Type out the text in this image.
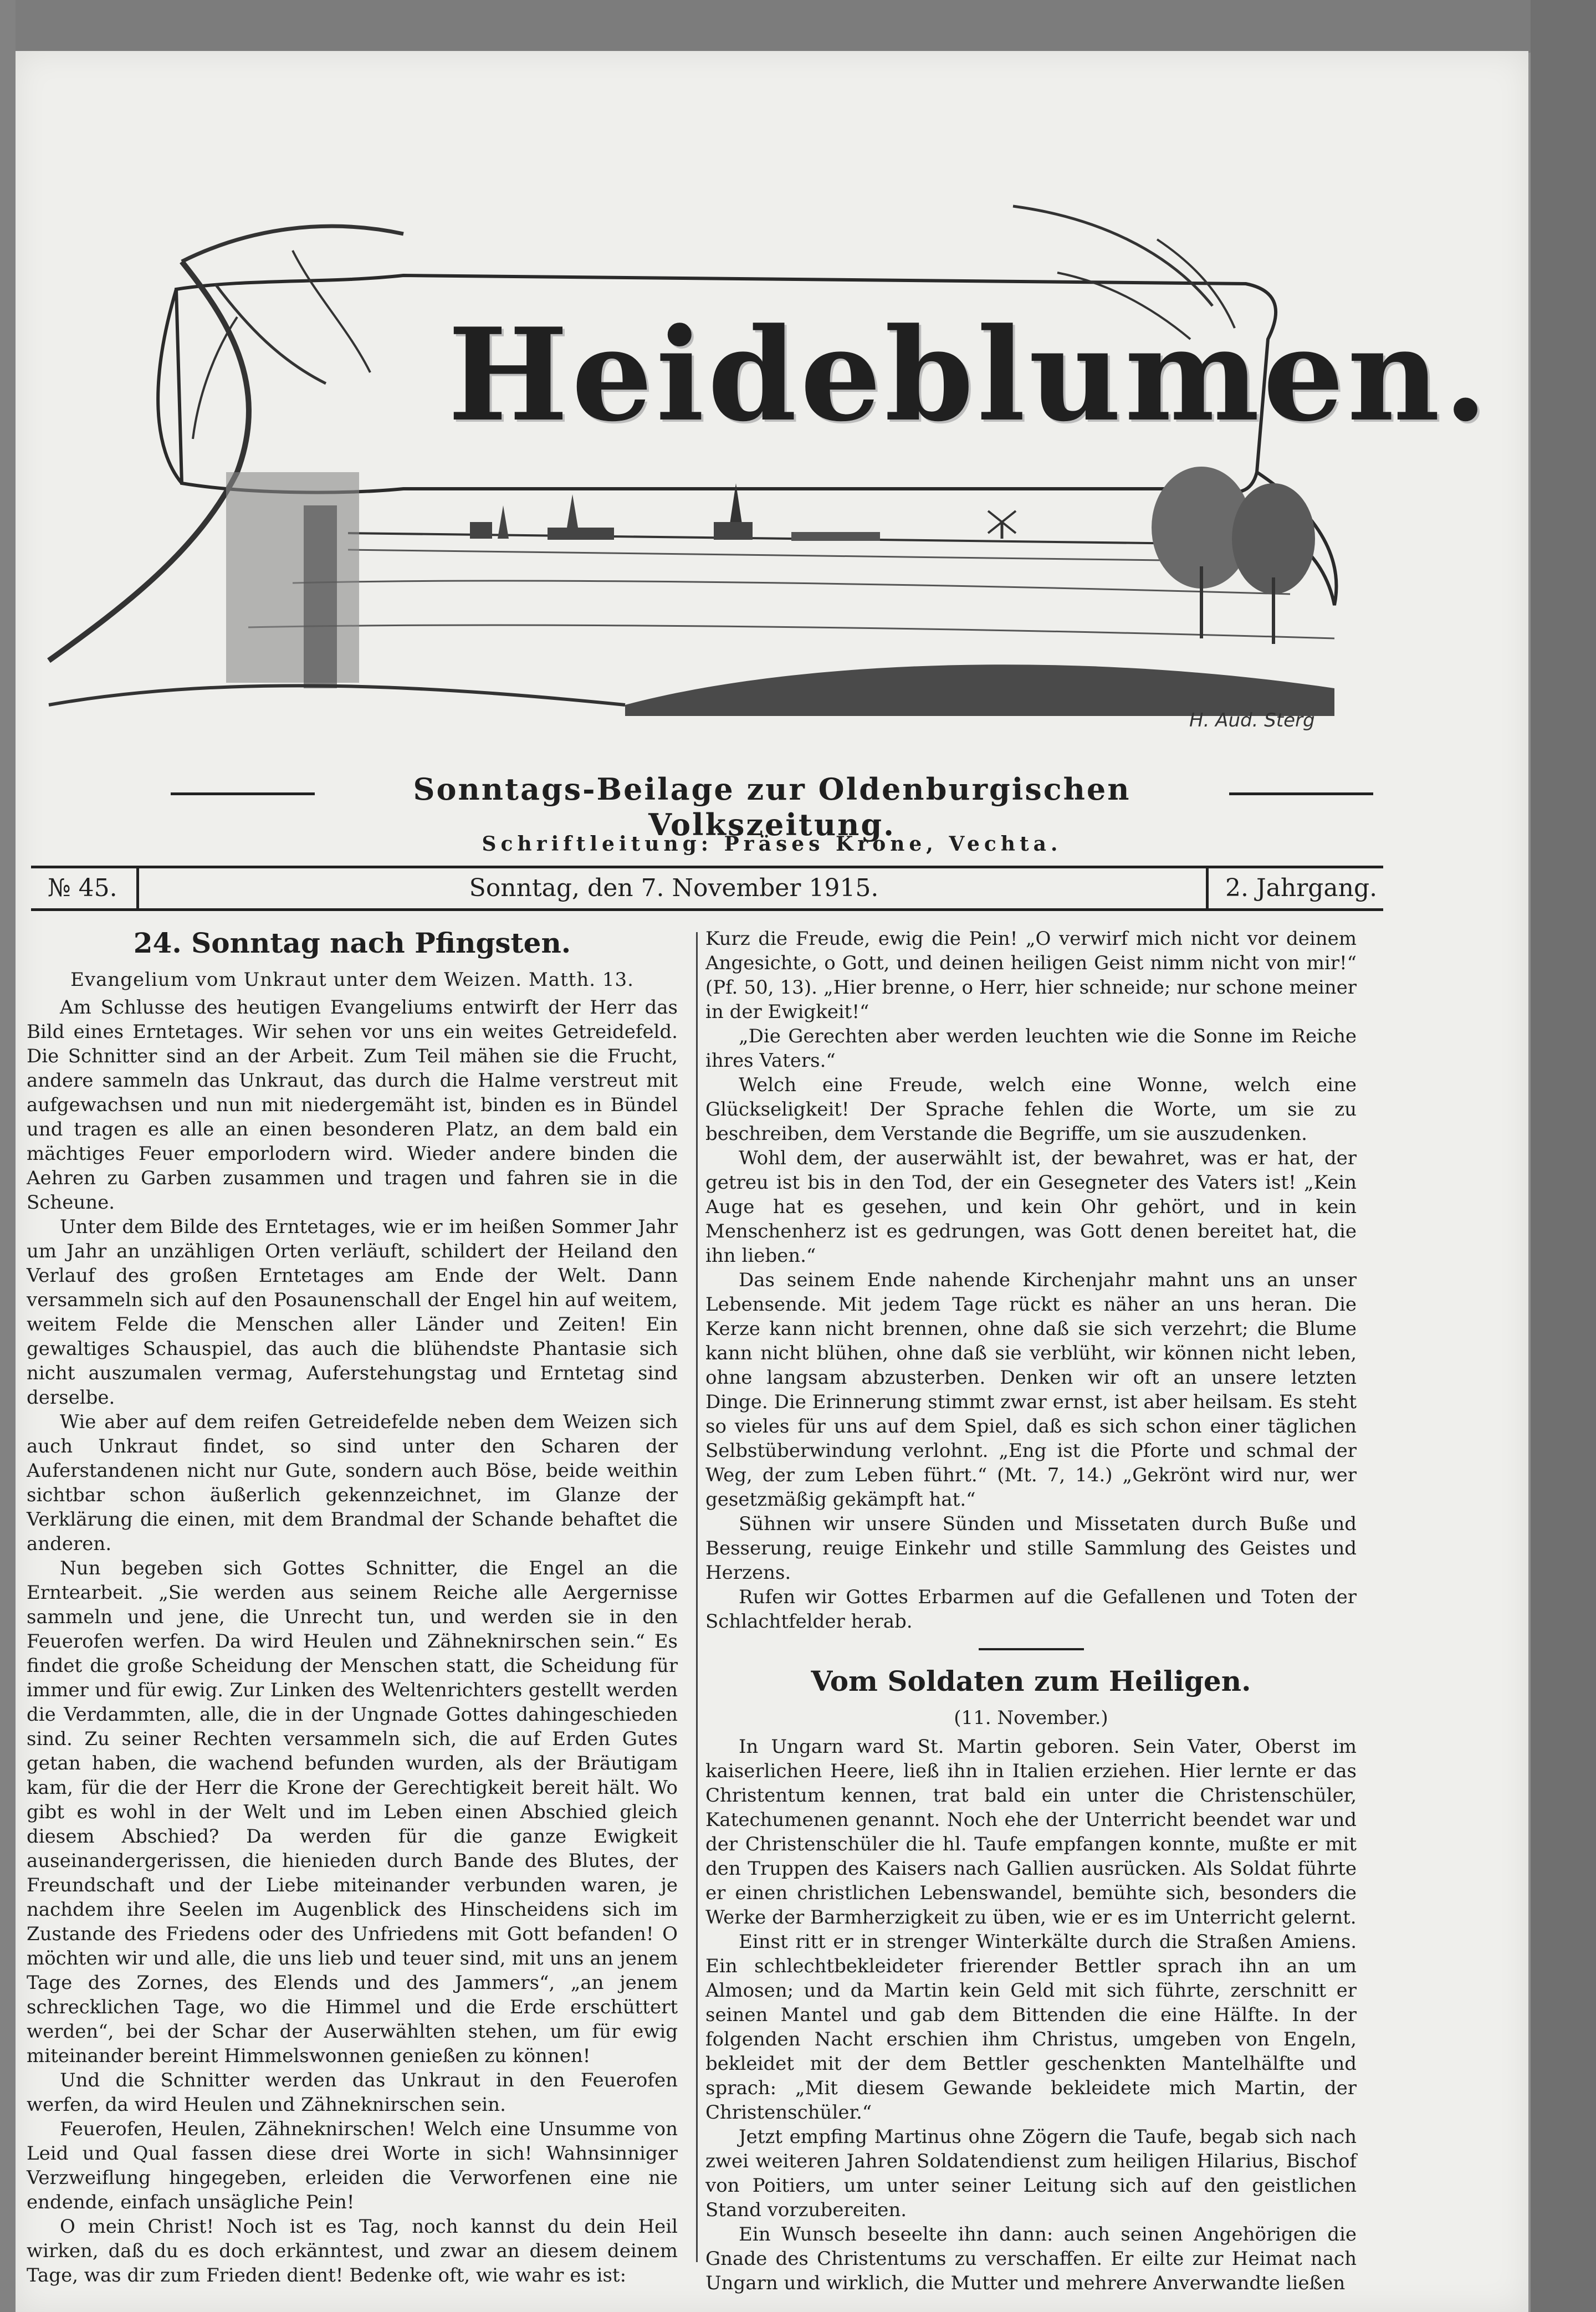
Heideblumen.
H. Aud. Sterg
Sonntags-Beilage zur Oldenburgischen Volkszeitung.
Schriftleitung: Präses Krone, Vechta.
№ 45.	Sonntag, den 7. November 1915.	2. Jahrgang.
24. Sonntag nach Pfingsten.
Evangelium vom Unkraut unter dem Weizen. Matth. 13.

Am Schlusse des heutigen Evangeliums entwirft der Herr das Bild eines Erntetages. Wir sehen vor uns ein weites Getreidefeld. Die Schnitter sind an der Arbeit. Zum Teil mähen sie die Frucht, andere sammeln das Unkraut, das durch die Halme verstreut mit aufgewachsen und nun mit niedergemäht ist, binden es in Bündel und tragen es alle an einen besonderen Platz, an dem bald ein mächtiges Feuer emporlodern wird. Wieder andere binden die Aehren zu Garben zusammen und tragen und fahren sie in die Scheune.

Unter dem Bilde des Erntetages, wie er im heißen Sommer Jahr um Jahr an unzähligen Orten verläuft, schildert der Heiland den Verlauf des großen Erntetages am Ende der Welt. Dann versammeln sich auf den Posaunenschall der Engel hin auf weitem, weitem Felde die Menschen aller Länder und Zeiten! Ein gewaltiges Schauspiel, das auch die blühendste Phantasie sich nicht auszumalen vermag, Auferstehungstag und Erntetag sind derselbe.

Wie aber auf dem reifen Getreidefelde neben dem Weizen sich auch Unkraut findet, so sind unter den Scharen der Auferstandenen nicht nur Gute, sondern auch Böse, beide weithin sichtbar schon äußerlich gekennzeichnet, im Glanze der Verklärung die einen, mit dem Brandmal der Schande behaftet die anderen.

Nun begeben sich Gottes Schnitter, die Engel an die Erntearbeit. „Sie werden aus seinem Reiche alle Aergernisse sammeln und jene, die Unrecht tun, und werden sie in den Feuerofen werfen. Da wird Heulen und Zähneknirschen sein.“ Es findet die große Scheidung der Menschen statt, die Scheidung für immer und für ewig. Zur Linken des Weltenrichters gestellt werden die Verdammten, alle, die in der Ungnade Gottes dahingeschieden sind. Zu seiner Rechten versammeln sich, die auf Erden Gutes getan haben, die wachend befunden wurden, als der Bräutigam kam, für die der Herr die Krone der Gerechtigkeit bereit hält. Wo gibt es wohl in der Welt und im Leben einen Abschied gleich diesem Abschied? Da werden für die ganze Ewigkeit auseinandergerissen, die hienieden durch Bande des Blutes, der Freundschaft und der Liebe miteinander verbunden waren, je nachdem ihre Seelen im Augenblick des Hinscheidens sich im Zustande des Friedens oder des Unfriedens mit Gott befanden! O möchten wir und alle, die uns lieb und teuer sind, mit uns an jenem Tage des Zornes, des Elends und des Jammers“, „an jenem schrecklichen Tage, wo die Himmel und die Erde erschüttert werden“, bei der Schar der Auserwählten stehen, um für ewig miteinander bereint Himmelswonnen genießen zu können!

Und die Schnitter werden das Unkraut in den Feuerofen werfen, da wird Heulen und Zähneknirschen sein.

Feuerofen, Heulen, Zähneknirschen! Welch eine Unsumme von Leid und Qual fassen diese drei Worte in sich! Wahnsinniger Verzweiflung hingegeben, erleiden die Verworfenen eine nie endende, einfach unsägliche Pein!

O mein Christ! Noch ist es Tag, noch kannst du dein Heil wirken, daß du es doch erkänntest, und zwar an diesem deinem Tage, was dir zum Frieden dient! Bedenke oft, wie wahr es ist:

Kurz die Freude, ewig die Pein! „O verwirf mich nicht vor deinem Angesichte, o Gott, und deinen heiligen Geist nimm nicht von mir!“ (Pf. 50, 13). „Hier brenne, o Herr, hier schneide; nur schone meiner in der Ewigkeit!“

„Die Gerechten aber werden leuchten wie die Sonne im Reiche ihres Vaters.“

Welch eine Freude, welch eine Wonne, welch eine Glückseligkeit! Der Sprache fehlen die Worte, um sie zu beschreiben, dem Verstande die Begriffe, um sie auszudenken.

Wohl dem, der auserwählt ist, der bewahret, was er hat, der getreu ist bis in den Tod, der ein Gesegneter des Vaters ist! „Kein Auge hat es gesehen, und kein Ohr gehört, und in kein Menschenherz ist es gedrungen, was Gott denen bereitet hat, die ihn lieben.“

Das seinem Ende nahende Kirchenjahr mahnt uns an unser Lebensende. Mit jedem Tage rückt es näher an uns heran. Die Kerze kann nicht brennen, ohne daß sie sich verzehrt; die Blume kann nicht blühen, ohne daß sie verblüht, wir können nicht leben, ohne langsam abzusterben. Denken wir oft an unsere letzten Dinge. Die Erinnerung stimmt zwar ernst, ist aber heilsam. Es steht so vieles für uns auf dem Spiel, daß es sich schon einer täglichen Selbstüberwindung verlohnt. „Eng ist die Pforte und schmal der Weg, der zum Leben führt.“ (Mt. 7, 14.) „Gekrönt wird nur, wer gesetzmäßig gekämpft hat.“

Sühnen wir unsere Sünden und Missetaten durch Buße und Besserung, reuige Einkehr und stille Sammlung des Geistes und Herzens.

Rufen wir Gottes Erbarmen auf die Gefallenen und Toten der Schlachtfelder herab.

Vom Soldaten zum Heiligen.
(11. November.)

In Ungarn ward St. Martin geboren. Sein Vater, Oberst im kaiserlichen Heere, ließ ihn in Italien erziehen. Hier lernte er das Christentum kennen, trat bald ein unter die Christenschüler, Katechumenen genannt. Noch ehe der Unterricht beendet war und der Christenschüler die hl. Taufe empfangen konnte, mußte er mit den Truppen des Kaisers nach Gallien ausrücken. Als Soldat führte er einen christlichen Lebenswandel, bemühte sich, besonders die Werke der Barmherzigkeit zu üben, wie er es im Unterricht gelernt.

Einst ritt er in strenger Winterkälte durch die Straßen Amiens. Ein schlechtbekleideter frierender Bettler sprach ihn an um Almosen; und da Martin kein Geld mit sich führte, zerschnitt er seinen Mantel und gab dem Bittenden die eine Hälfte. In der folgenden Nacht erschien ihm Christus, umgeben von Engeln, bekleidet mit der dem Bettler geschenkten Mantelhälfte und sprach: „Mit diesem Gewande bekleidete mich Martin, der Christenschüler.“

Jetzt empfing Martinus ohne Zögern die Taufe, begab sich nach zwei weiteren Jahren Soldatendienst zum heiligen Hilarius, Bischof von Poitiers, um unter seiner Leitung sich auf den geistlichen Stand vorzubereiten.

Ein Wunsch beseelte ihn dann: auch seinen Angehörigen die Gnade des Christentums zu verschaffen. Er eilte zur Heimat nach Ungarn und wirklich, die Mutter und mehrere Anverwandte ließen
